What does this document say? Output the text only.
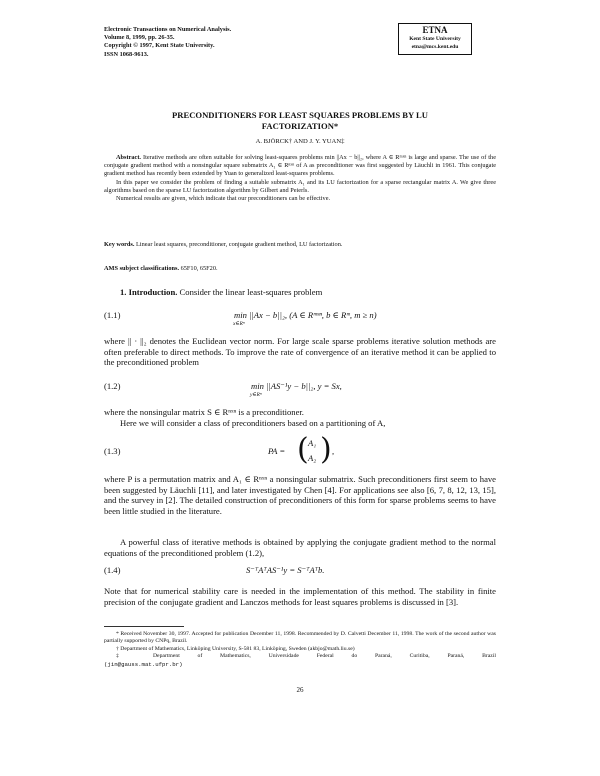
Electronic Transactions on Numerical Analysis.
Volume 8, 1999, pp. 26-35.
Copyright © 1997, Kent State University.
ISSN 1068-9613.
ETNA
Kent State University
etna@mcs.kent.edu
PRECONDITIONERS FOR LEAST SQUARES PROBLEMS BY LU
FACTORIZATION*
A. BJÖRCK† AND J. Y. YUAN‡

Abstract. Iterative methods are often suitable for solving least-squares problems min ||Ax − b||₂, where A ∈ Rᵐˣⁿ is large and sparse. The use of the conjugate gradient method with a nonsingular square submatrix A₁ ∈ Rⁿˣⁿ of A as preconditioner was first suggested by Läuchli in 1961. This conjugate gradient method has recently been extended by Yuan to generalized least-squares problems.

In this paper we consider the problem of finding a suitable submatrix A₁ and its LU factorization for a sparse rectangular matrix A. We give three algorithms based on the sparse LU factorization algorithm by Gilbert and Peierls.

Numerical results are given, which indicate that our preconditioners can be effective.

Key words. Linear least squares, preconditioner, conjugate gradient method, LU factorization.
AMS subject classifications. 65F10, 65F20.
1. Introduction. Consider the linear least-squares problem
(1.1)	min ||Ax − b||₂, (A ∈ Rᵐˣⁿ, b ∈ Rᵐ, m ≥ n)
x∈Rⁿ
where || · ||₂ denotes the Euclidean vector norm. For large scale sparse problems iterative solution methods are often preferable to direct methods. To improve the rate of convergence of an iterative method it can be applied to the preconditioned problem
(1.2)	min ||AS⁻¹y − b||₂, y = Sx,
y∈Rⁿ

where the nonsingular matrix S ∈ Rⁿˣⁿ is a preconditioner.

Here we will consider a class of preconditioners based on a partitioning of A,

(1.3)	PA = ( A₁
A₂ ) ,
where P is a permutation matrix and A₁ ∈ Rⁿˣⁿ a nonsingular submatrix. Such preconditioners first seem to have been suggested by Läuchli [11], and later investigated by Chen [4]. For applications see also [6, 7, 8, 12, 13, 15], and the survey in [2]. The detailed construction of preconditioners of this form for sparse problems seems to have been little studied in the literature.
A powerful class of iterative methods is obtained by applying the conjugate gradient method to the normal equations of the preconditioned problem (1.2),
(1.4)	S⁻ᵀAᵀAS⁻¹y = S⁻ᵀAᵀb.
Note that for numerical stability care is needed in the implementation of this method. The stability in finite precision of the conjugate gradient and Lanczos methods for least squares problems is discussed in [3].

* Received November 30, 1997. Accepted for publication December 11, 1998. Recommended by D. Calvetti December 11, 1998. The work of the second author was partially supported by CNPq, Brazil.

† Department of Mathematics, Linköping University, S-581 83, Linköping, Sweden (akbjo@math.liu.se)

‡ Department of Mathematics, Universidade Federal do Paraná, Curitiba, Paraná, Brazil

(jin@gauss.mat.ufpr.br)

26
